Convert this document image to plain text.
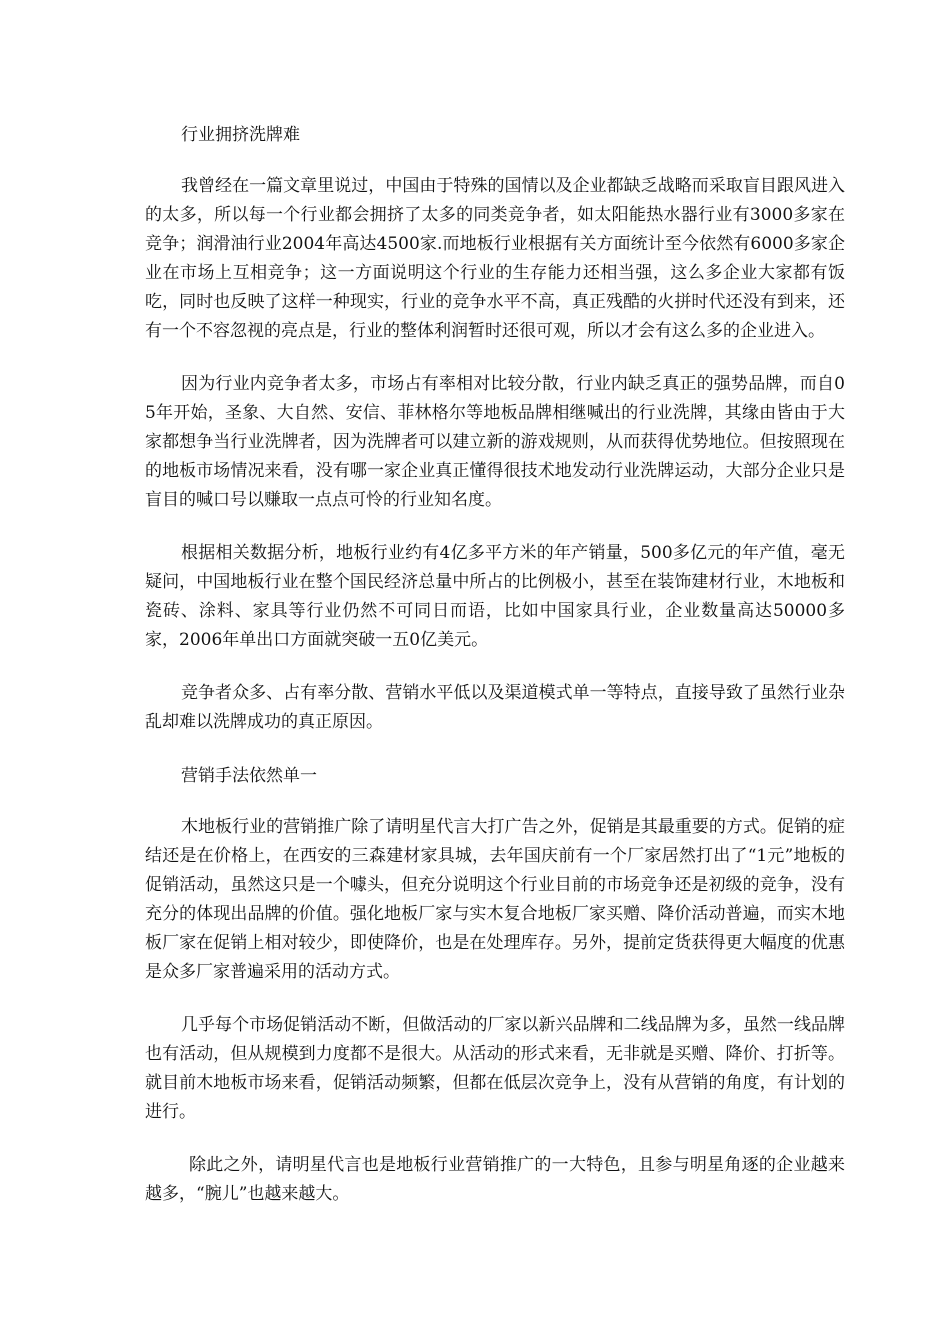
行业拥挤洗牌难

我曾经在一篇文章里说过，中国由于特殊的国情以及企业都缺乏战略而采取盲目跟风进入的太多，所以每一个行业都会拥挤了太多的同类竞争者，如太阳能热水器行业有3000多家在竞争；润滑油行业2004年高达4500家.而地板行业根据有关方面统计至今依然有6000多家企业在市场上互相竞争；这一方面说明这个行业的生存能力还相当强，这么多企业大家都有饭吃，同时也反映了这样一种现实，行业的竞争水平不高，真正残酷的火拼时代还没有到来，还有一个不容忽视的亮点是，行业的整体利润暂时还很可观，所以才会有这么多的企业进入。

因为行业内竞争者太多，市场占有率相对比较分散，行业内缺乏真正的强势品牌，而自05年开始，圣象、大自然、安信、菲林格尔等地板品牌相继喊出的行业洗牌，其缘由皆由于大家都想争当行业洗牌者，因为洗牌者可以建立新的游戏规则，从而获得优势地位。但按照现在的地板市场情况来看，没有哪一家企业真正懂得很技术地发动行业洗牌运动，大部分企业只是盲目的喊口号以赚取一点点可怜的行业知名度。

根据相关数据分析，地板行业约有4亿多平方米的年产销量，500多亿元的年产值，毫无疑问，中国地板行业在整个国民经济总量中所占的比例极小，甚至在装饰建材行业，木地板和瓷砖、涂料、家具等行业仍然不可同日而语，比如中国家具行业，企业数量高达50000多家，2006年单出口方面就突破一五0亿美元。

竞争者众多、占有率分散、营销水平低以及渠道模式单一等特点，直接导致了虽然行业杂乱却难以洗牌成功的真正原因。

营销手法依然单一

木地板行业的营销推广除了请明星代言大打广告之外，促销是其最重要的方式。促销的症结还是在价格上，在西安的三森建材家具城，去年国庆前有一个厂家居然打出了“1元”地板的促销活动，虽然这只是一个噱头，但充分说明这个行业目前的市场竞争还是初级的竞争，没有充分的体现出品牌的价值。强化地板厂家与实木复合地板厂家买赠、降价活动普遍，而实木地板厂家在促销上相对较少，即使降价，也是在处理库存。另外，提前定货获得更大幅度的优惠是众多厂家普遍采用的活动方式。

几乎每个市场促销活动不断，但做活动的厂家以新兴品牌和二线品牌为多，虽然一线品牌也有活动，但从规模到力度都不是很大。从活动的形式来看，无非就是买赠、降价、打折等。就目前木地板市场来看，促销活动频繁，但都在低层次竞争上，没有从营销的角度，有计划的进行。

除此之外，请明星代言也是地板行业营销推广的一大特色，且参与明星角逐的企业越来越多，“腕儿”也越来越大。
